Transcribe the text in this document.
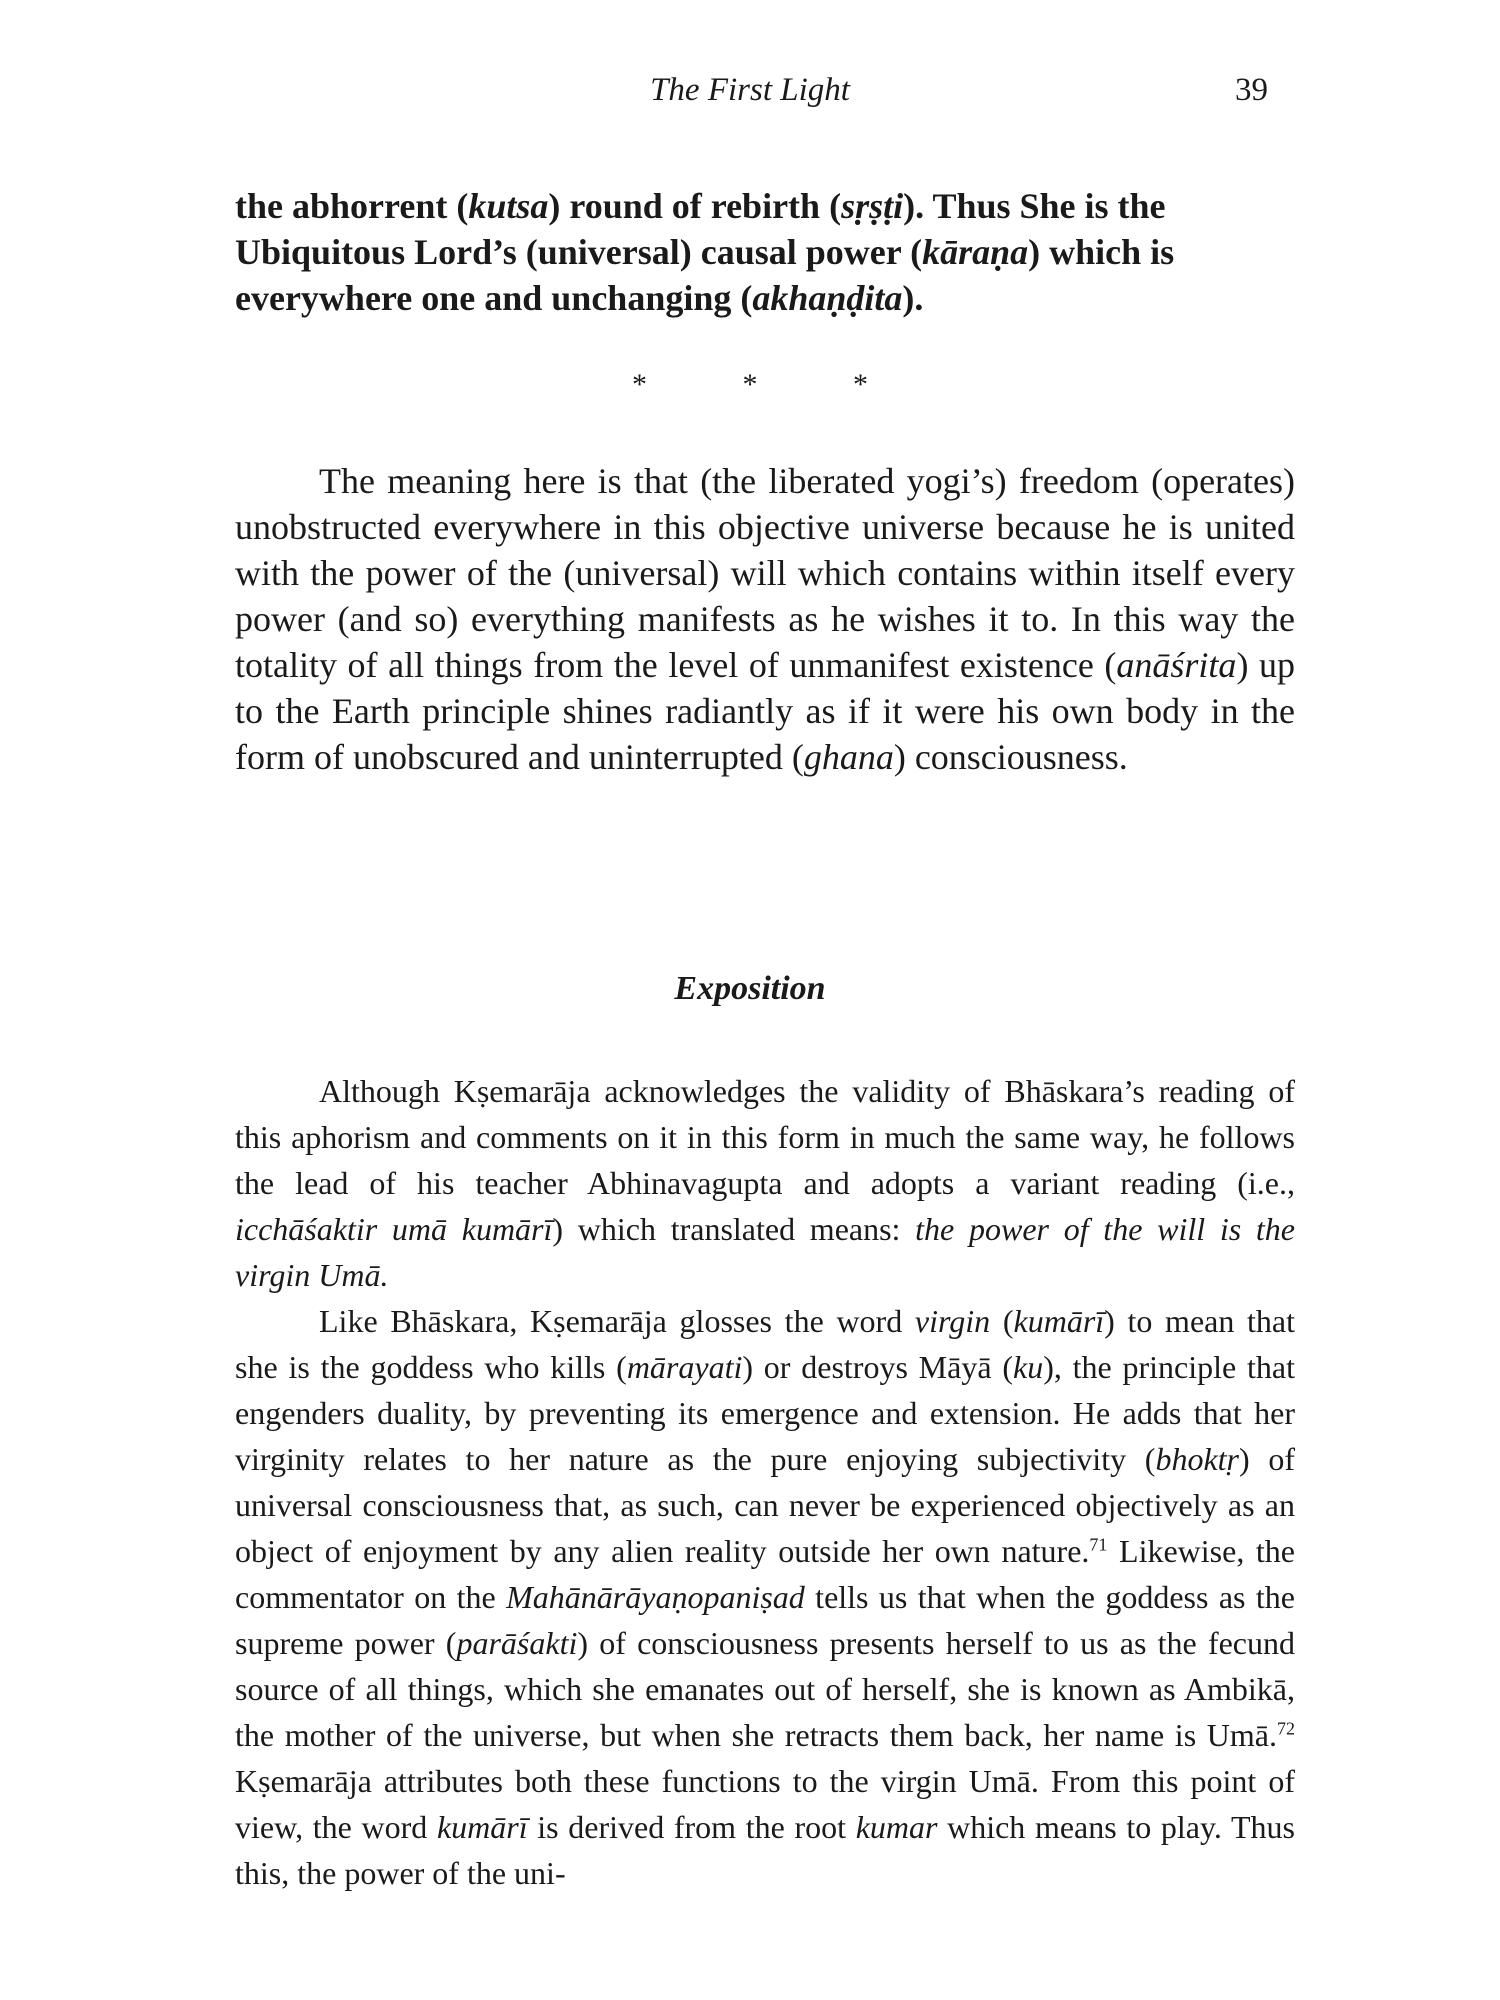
The First Light	39

the abhorrent (kutsa) round of rebirth (sṛṣṭi). Thus She is the Ubiquitous Lord’s (universal) causal power (kāraṇa) which is everywhere one and unchanging (akhaṇḍita).

* * *

The meaning here is that (the liberated yogi’s) freedom (operates) unobstructed everywhere in this objective universe because he is united with the power of the (universal) will which contains within itself every power (and so) everything manifests as he wishes it to. In this way the totality of all things from the level of unmanifest existence (anāśrita) up to the Earth principle shines radiantly as if it were his own body in the form of unobscured and uninterrupted (ghana) consciousness.

Exposition

Although Kṣemarāja acknowledges the validity of Bhāskara’s reading of this aphorism and comments on it in this form in much the same way, he follows the lead of his teacher Abhinavagupta and adopts a variant reading (i.e., icchāśaktir umā kumārī) which translated means: the power of the will is the virgin Umā.

Like Bhāskara, Kṣemarāja glosses the word virgin (kumārī) to mean that she is the goddess who kills (mārayati) or destroys Māyā (ku), the principle that engenders duality, by preventing its emergence and extension. He adds that her virginity relates to her nature as the pure enjoying subjectivity (bhoktṛ) of universal consciousness that, as such, can never be experienced objectively as an object of enjoyment by any alien reality outside her own nature.$^{71}$ Likewise, the commentator on the Mahānārāyaṇopaniṣad tells us that when the goddess as the supreme power (parāśakti) of consciousness presents herself to us as the fecund source of all things, which she emanates out of herself, she is known as Ambikā, the mother of the universe, but when she retracts them back, her name is Umā.$^{72}$ Kṣemarāja attributes both these functions to the virgin Umā. From this point of view, the word kumārī is derived from the root kumar which means to play. Thus this, the power of the uni-
